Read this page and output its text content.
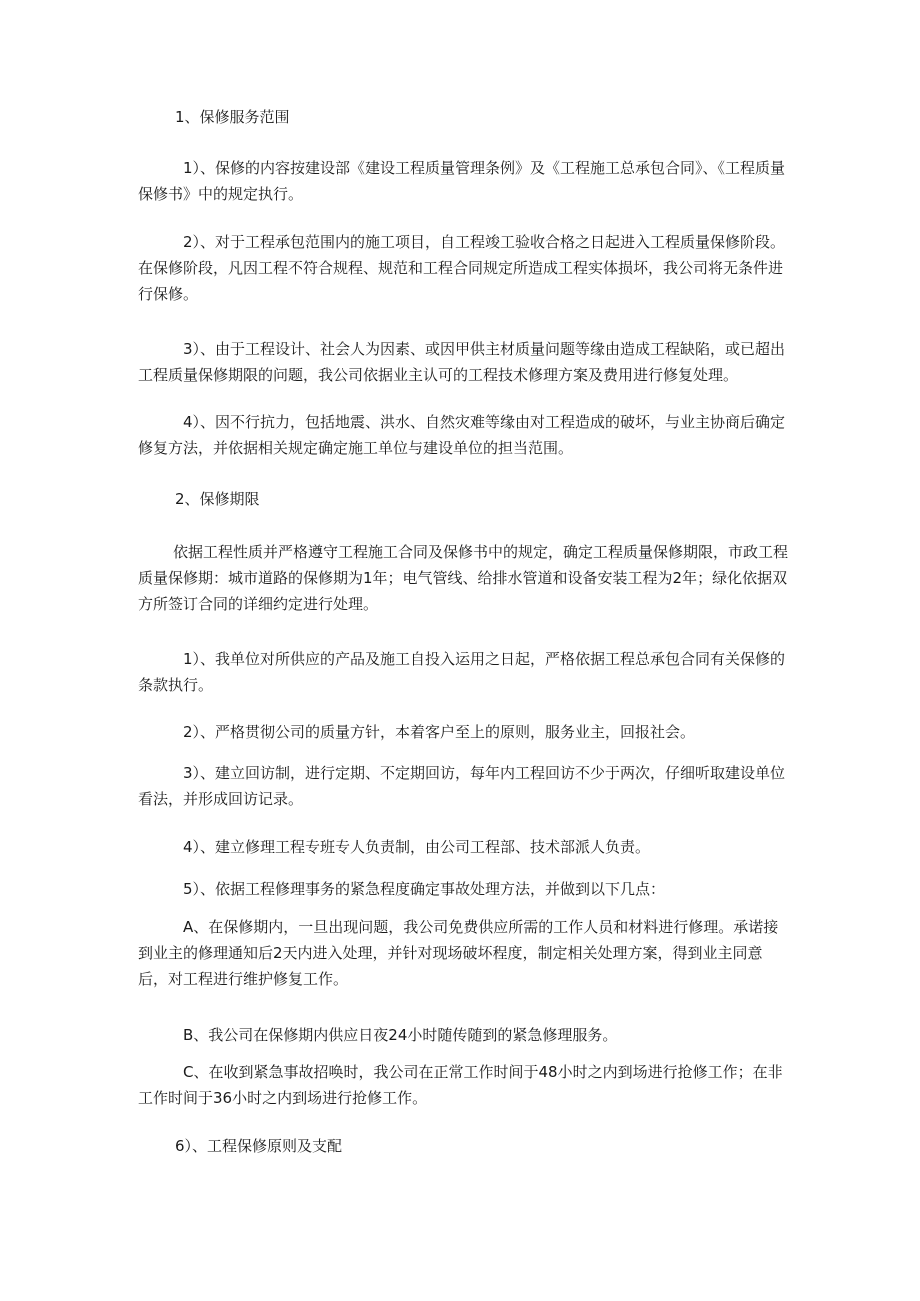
1、保修服务范围

1）、保修的内容按建设部《建设工程质量管理条例》及《工程施工总承包合同》、《工程质量保修书》中的规定执行。

2）、对于工程承包范围内的施工项目，自工程竣工验收合格之日起进入工程质量保修阶段。在保修阶段，凡因工程不符合规程、规范和工程合同规定所造成工程实体损坏，我公司将无条件进行保修。

3）、由于工程设计、社会人为因素、或因甲供主材质量问题等缘由造成工程缺陷，或已超出工程质量保修期限的问题，我公司依据业主认可的工程技术修理方案及费用进行修复处理。

4）、因不行抗力，包括地震、洪水、自然灾难等缘由对工程造成的破坏，与业主协商后确定修复方法，并依据相关规定确定施工单位与建设单位的担当范围。

2、保修期限

依据工程性质并严格遵守工程施工合同及保修书中的规定，确定工程质量保修期限，市政工程质量保修期：城市道路的保修期为1年；电气管线、给排水管道和设备安装工程为2年；绿化依据双方所签订合同的详细约定进行处理。

1）、我单位对所供应的产品及施工自投入运用之日起，严格依据工程总承包合同有关保修的条款执行。

2）、严格贯彻公司的质量方针，本着客户至上的原则，服务业主，回报社会。

3）、建立回访制，进行定期、不定期回访，每年内工程回访不少于两次，仔细听取建设单位看法，并形成回访记录。

4）、建立修理工程专班专人负责制，由公司工程部、技术部派人负责。

5）、依据工程修理事务的紧急程度确定事故处理方法，并做到以下几点：

A、在保修期内，一旦出现问题，我公司免费供应所需的工作人员和材料进行修理。承诺接到业主的修理通知后2天内进入处理，并针对现场破坏程度，制定相关处理方案，得到业主同意后，对工程进行维护修复工作。

B、我公司在保修期内供应日夜24小时随传随到的紧急修理服务。

C、在收到紧急事故招唤时，我公司在正常工作时间于48小时之内到场进行抢修工作；在非工作时间于36小时之内到场进行抢修工作。

6）、工程保修原则及支配
